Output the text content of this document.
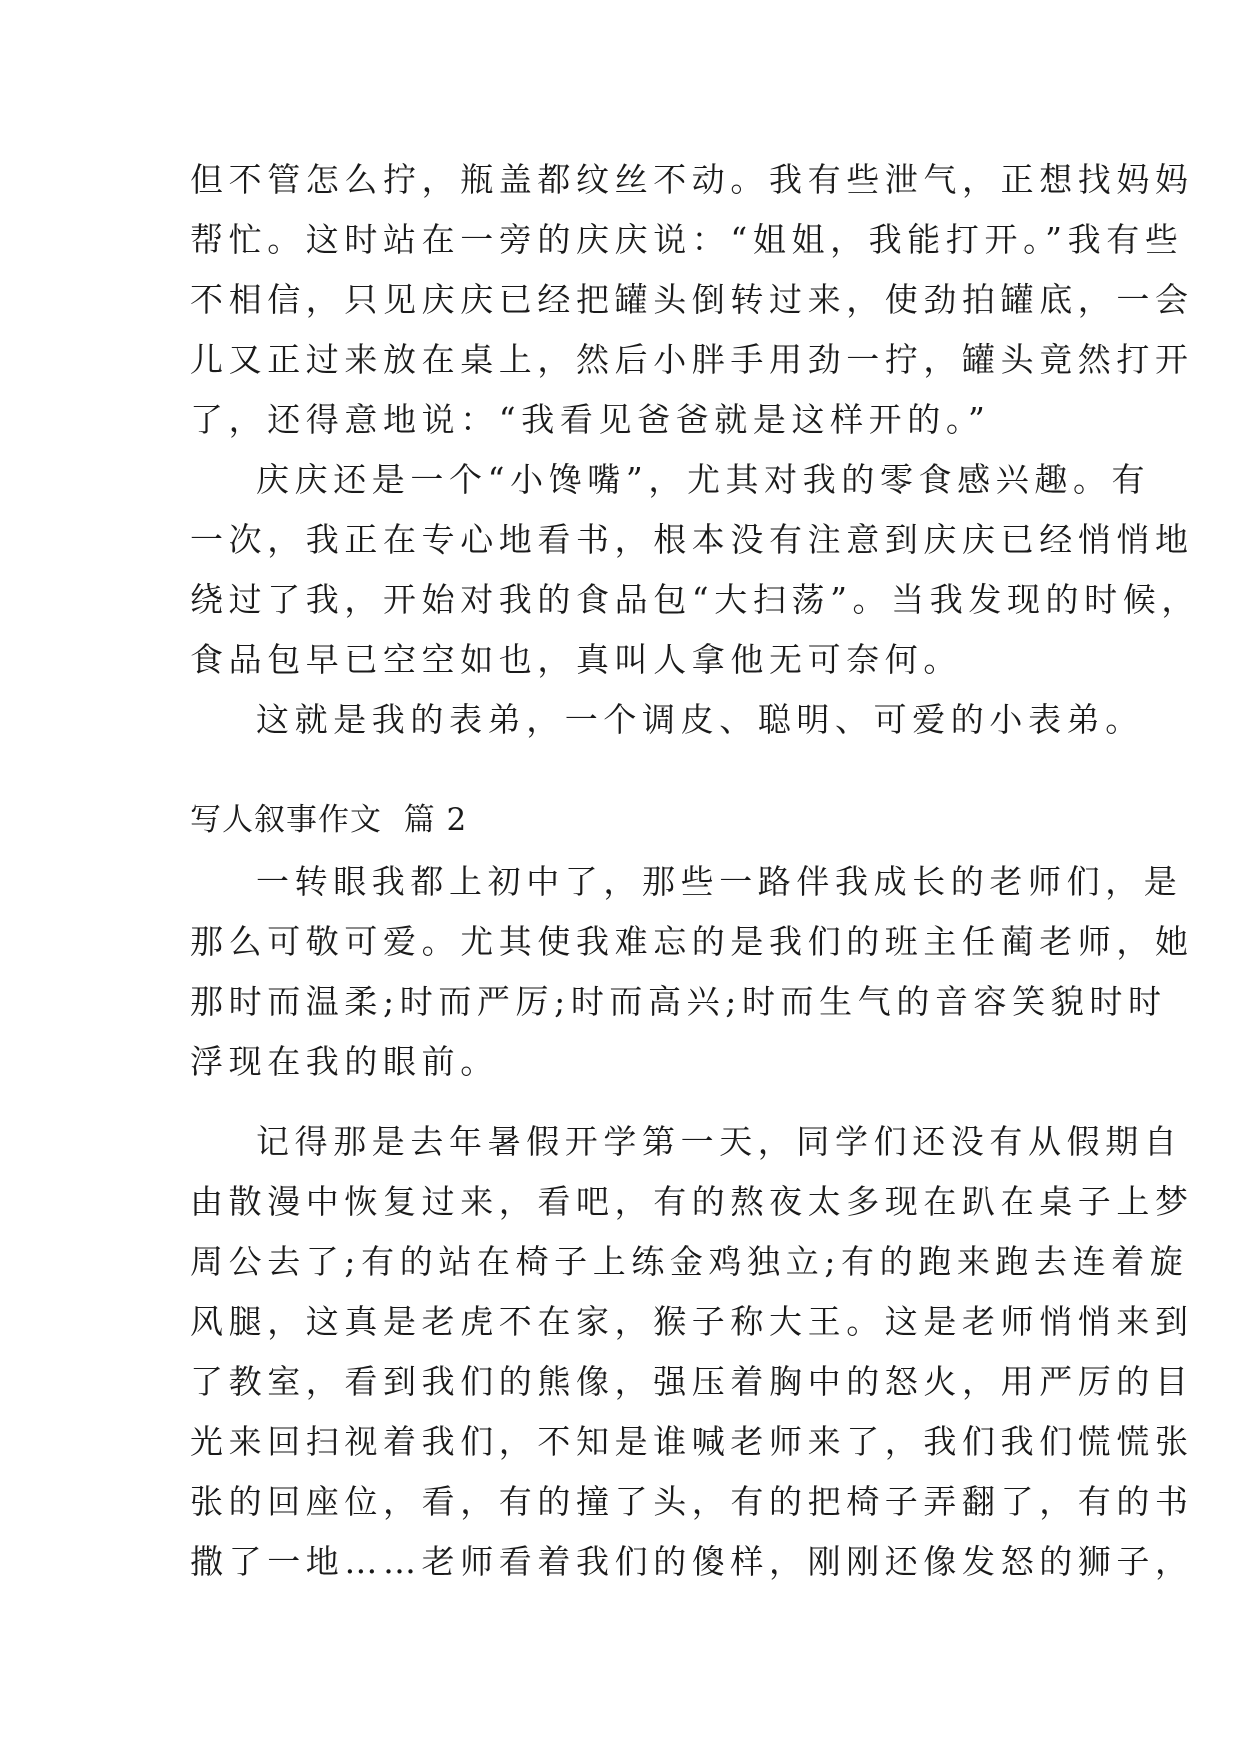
但不管怎么拧，瓶盖都纹丝不动。我有些泄气，正想找妈妈
帮忙。这时站在一旁的庆庆说：“姐姐，我能打开。”我有些
不相信，只见庆庆已经把罐头倒转过来，使劲拍罐底，一会
儿又正过来放在桌上，然后小胖手用劲一拧，罐头竟然打开
了，还得意地说：“我看见爸爸就是这样开的。”
庆庆还是一个“小馋嘴”，尤其对我的零食感兴趣。有
一次，我正在专心地看书，根本没有注意到庆庆已经悄悄地
绕过了我，开始对我的食品包“大扫荡”。当我发现的时候，
食品包早已空空如也，真叫人拿他无可奈何。
这就是我的表弟，一个调皮、聪明、可爱的小表弟。
写人叙事作文  篇 2
一转眼我都上初中了，那些一路伴我成长的老师们，是
那么可敬可爱。尤其使我难忘的是我们的班主任蔺老师，她
那时而温柔;时而严厉;时而高兴;时而生气的音容笑貌时时
浮现在我的眼前。
记得那是去年暑假开学第一天，同学们还没有从假期自
由散漫中恢复过来，看吧，有的熬夜太多现在趴在桌子上梦
周公去了;有的站在椅子上练金鸡独立;有的跑来跑去连着旋
风腿，这真是老虎不在家，猴子称大王。这是老师悄悄来到
了教室，看到我们的熊像，强压着胸中的怒火，用严厉的目
光来回扫视着我们，不知是谁喊老师来了，我们我们慌慌张
张的回座位，看，有的撞了头，有的把椅子弄翻了，有的书
撒了一地……老师看着我们的傻样，刚刚还像发怒的狮子，
